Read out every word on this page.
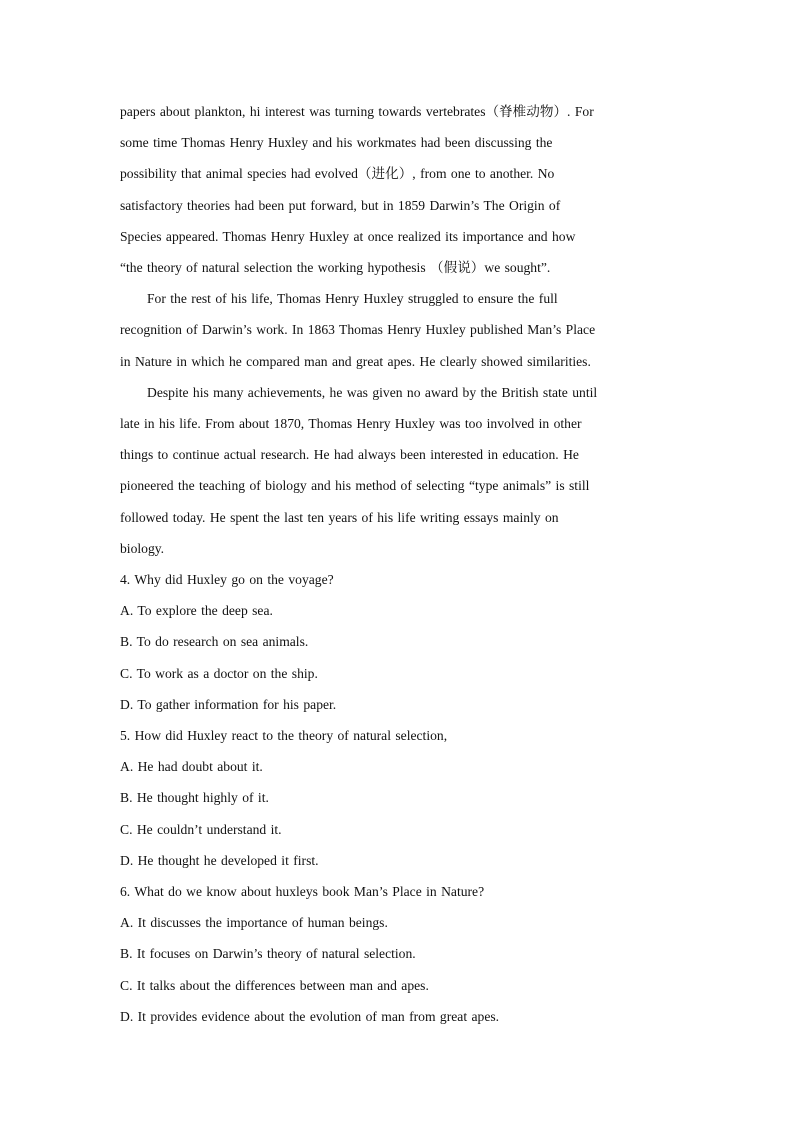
papers about plankton, hi interest was turning towards vertebrates（脊椎动物）. For
some time Thomas Henry Huxley and his workmates had been discussing the
possibility that animal species had evolved（进化）, from one to another. No
satisfactory theories had been put forward, but in 1859 Darwin’s The Origin of
Species appeared. Thomas Henry Huxley at once realized its importance and how
“the theory of natural selection the working hypothesis （假说）we sought”.
For the rest of his life, Thomas Henry Huxley struggled to ensure the full
recognition of Darwin’s work. In 1863 Thomas Henry Huxley published Man’s Place
in Nature in which he compared man and great apes. He clearly showed similarities.
Despite his many achievements, he was given no award by the British state until
late in his life. From about 1870, Thomas Henry Huxley was too involved in other
things to continue actual research. He had always been interested in education. He
pioneered the teaching of biology and his method of selecting “type animals” is still
followed today. He spent the last ten years of his life writing essays mainly on
biology.
4. Why did Huxley go on the voyage?
A. To explore the deep sea.
B. To do research on sea animals.
C. To work as a doctor on the ship.
D. To gather information for his paper.
5. How did Huxley react to the theory of natural selection,
A. He had doubt about it.
B. He thought highly of it.
C. He couldn’t understand it.
D. He thought he developed it first.
6. What do we know about huxleys book Man’s Place in Nature?
A. It discusses the importance of human beings.
B. It focuses on Darwin’s theory of natural selection.
C. It talks about the differences between man and apes.
D. It provides evidence about the evolution of man from great apes.
